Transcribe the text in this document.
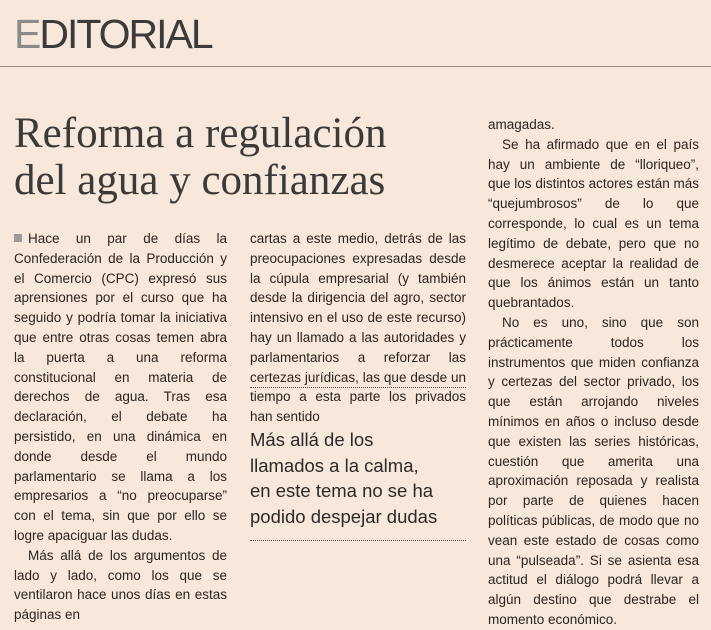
EDITORIAL
Reforma a regulación
del agua y confianzas

Hace un par de días la Confederación de la Producción y el Comercio (CPC) expresó sus aprensiones por el curso que ha seguido y podría tomar la iniciativa que entre otras cosas temen abra la puerta a una reforma constitucional en materia de derechos de agua. Tras esa declaración, el debate ha persistido, en una dinámica en donde desde el mundo parlamentario se llama a los empresarios a “no preocuparse” con el tema, sin que por ello se logre apaciguar las dudas.

Más allá de los argumentos de lado y lado, como los que se ventilaron hace unos días en estas páginas en

cartas a este medio, detrás de las preocupaciones expresadas desde la cúpula empresarial (y también desde la dirigencia del agro, sector intensivo en el uso de este recurso) hay un llamado a las autoridades y parlamentarios a reforzar las certezas jurídicas, las que desde un tiempo a esta parte los privados han sentido

Más allá de los
llamados a la calma,
en este tema no se ha
podido despejar dudas

amagadas.

Se ha afirmado que en el país hay un ambiente de “lloriqueo”, que los distintos actores están más “quejumbrosos” de lo que corresponde, lo cual es un tema legítimo de debate, pero que no desmerece aceptar la realidad de que los ánimos están un tanto quebrantados.

No es uno, sino que son prácticamente todos los instrumentos que miden confianza y certezas del sector privado, los que están arrojando niveles mínimos en años o incluso desde que existen las series históricas, cuestión que amerita una aproximación reposada y realista por parte de quienes hacen políticas públicas, de modo que no vean este estado de cosas como una “pulseada”. Si se asienta esa actitud el diálogo podrá llevar a algún destino que destrabe el momento económico.
